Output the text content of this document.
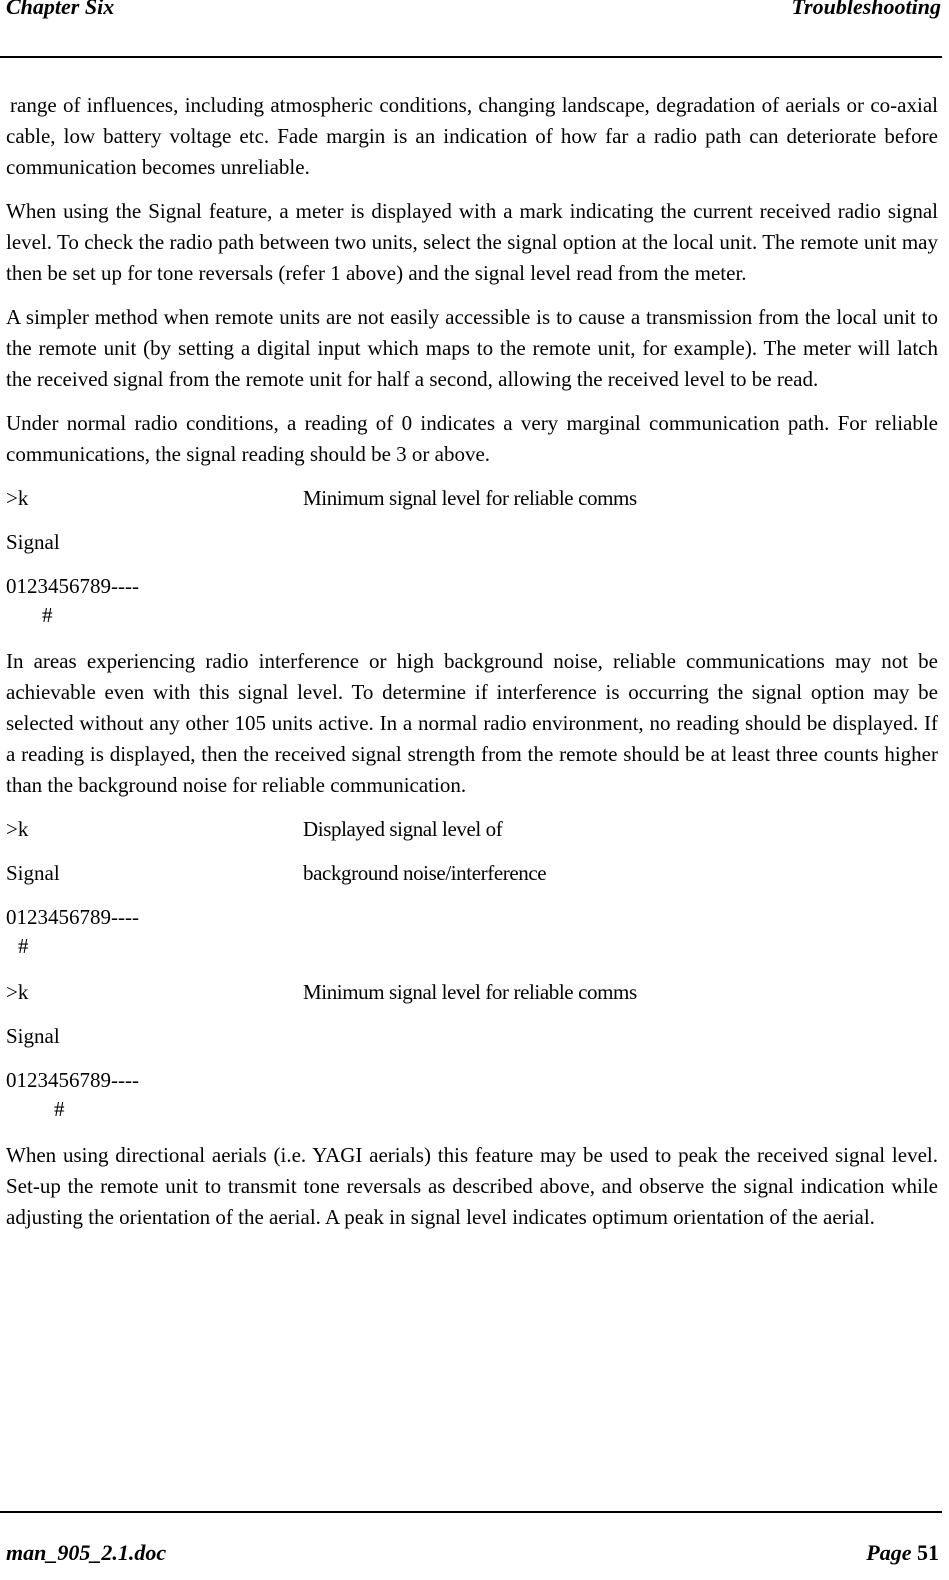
Chapter Six	Troubleshooting

range of influences, including atmospheric conditions, changing landscape, degradation of aerials or co-axial cable, low battery voltage etc. Fade margin is an indication of how far a radio path can deteriorate before communication becomes unreliable.

When using the Signal feature, a meter is displayed with a mark indicating the current received radio signal level. To check the radio path between two units, select the signal option at the local unit. The remote unit may then be set up for tone reversals (refer 1 above) and the signal level read from the meter.

A simpler method when remote units are not easily accessible is to cause a transmission from the local unit to the remote unit (by setting a digital input which maps to the remote unit, for example). The meter will latch the received signal from the remote unit for half a second, allowing the received level to be read.

Under normal radio conditions, a reading of 0 indicates a very marginal communication path. For reliable communications, the signal reading should be 3 or above.

>k

	Minimum signal level for reliable comms

Signal

0123456789----

#

In areas experiencing radio interference or high background noise, reliable communications may not be achievable even with this signal level. To determine if interference is occurring the signal option may be selected without any other 105 units active. In a normal radio environment, no reading should be displayed. If a reading is displayed, then the received signal strength from the remote should be at least three counts higher than the background noise for reliable communication.

>k

	Displayed signal level of

Signal

	background noise/interference

0123456789----

#

>k

	Minimum signal level for reliable comms

Signal

0123456789----

#

When using directional aerials (i.e. YAGI aerials) this feature may be used to peak the received signal level. Set-up the remote unit to transmit tone reversals as described above, and observe the signal indication while adjusting the orientation of the aerial. A peak in signal level indicates optimum orientation of the aerial.

man_905_2.1.doc	Page 51
